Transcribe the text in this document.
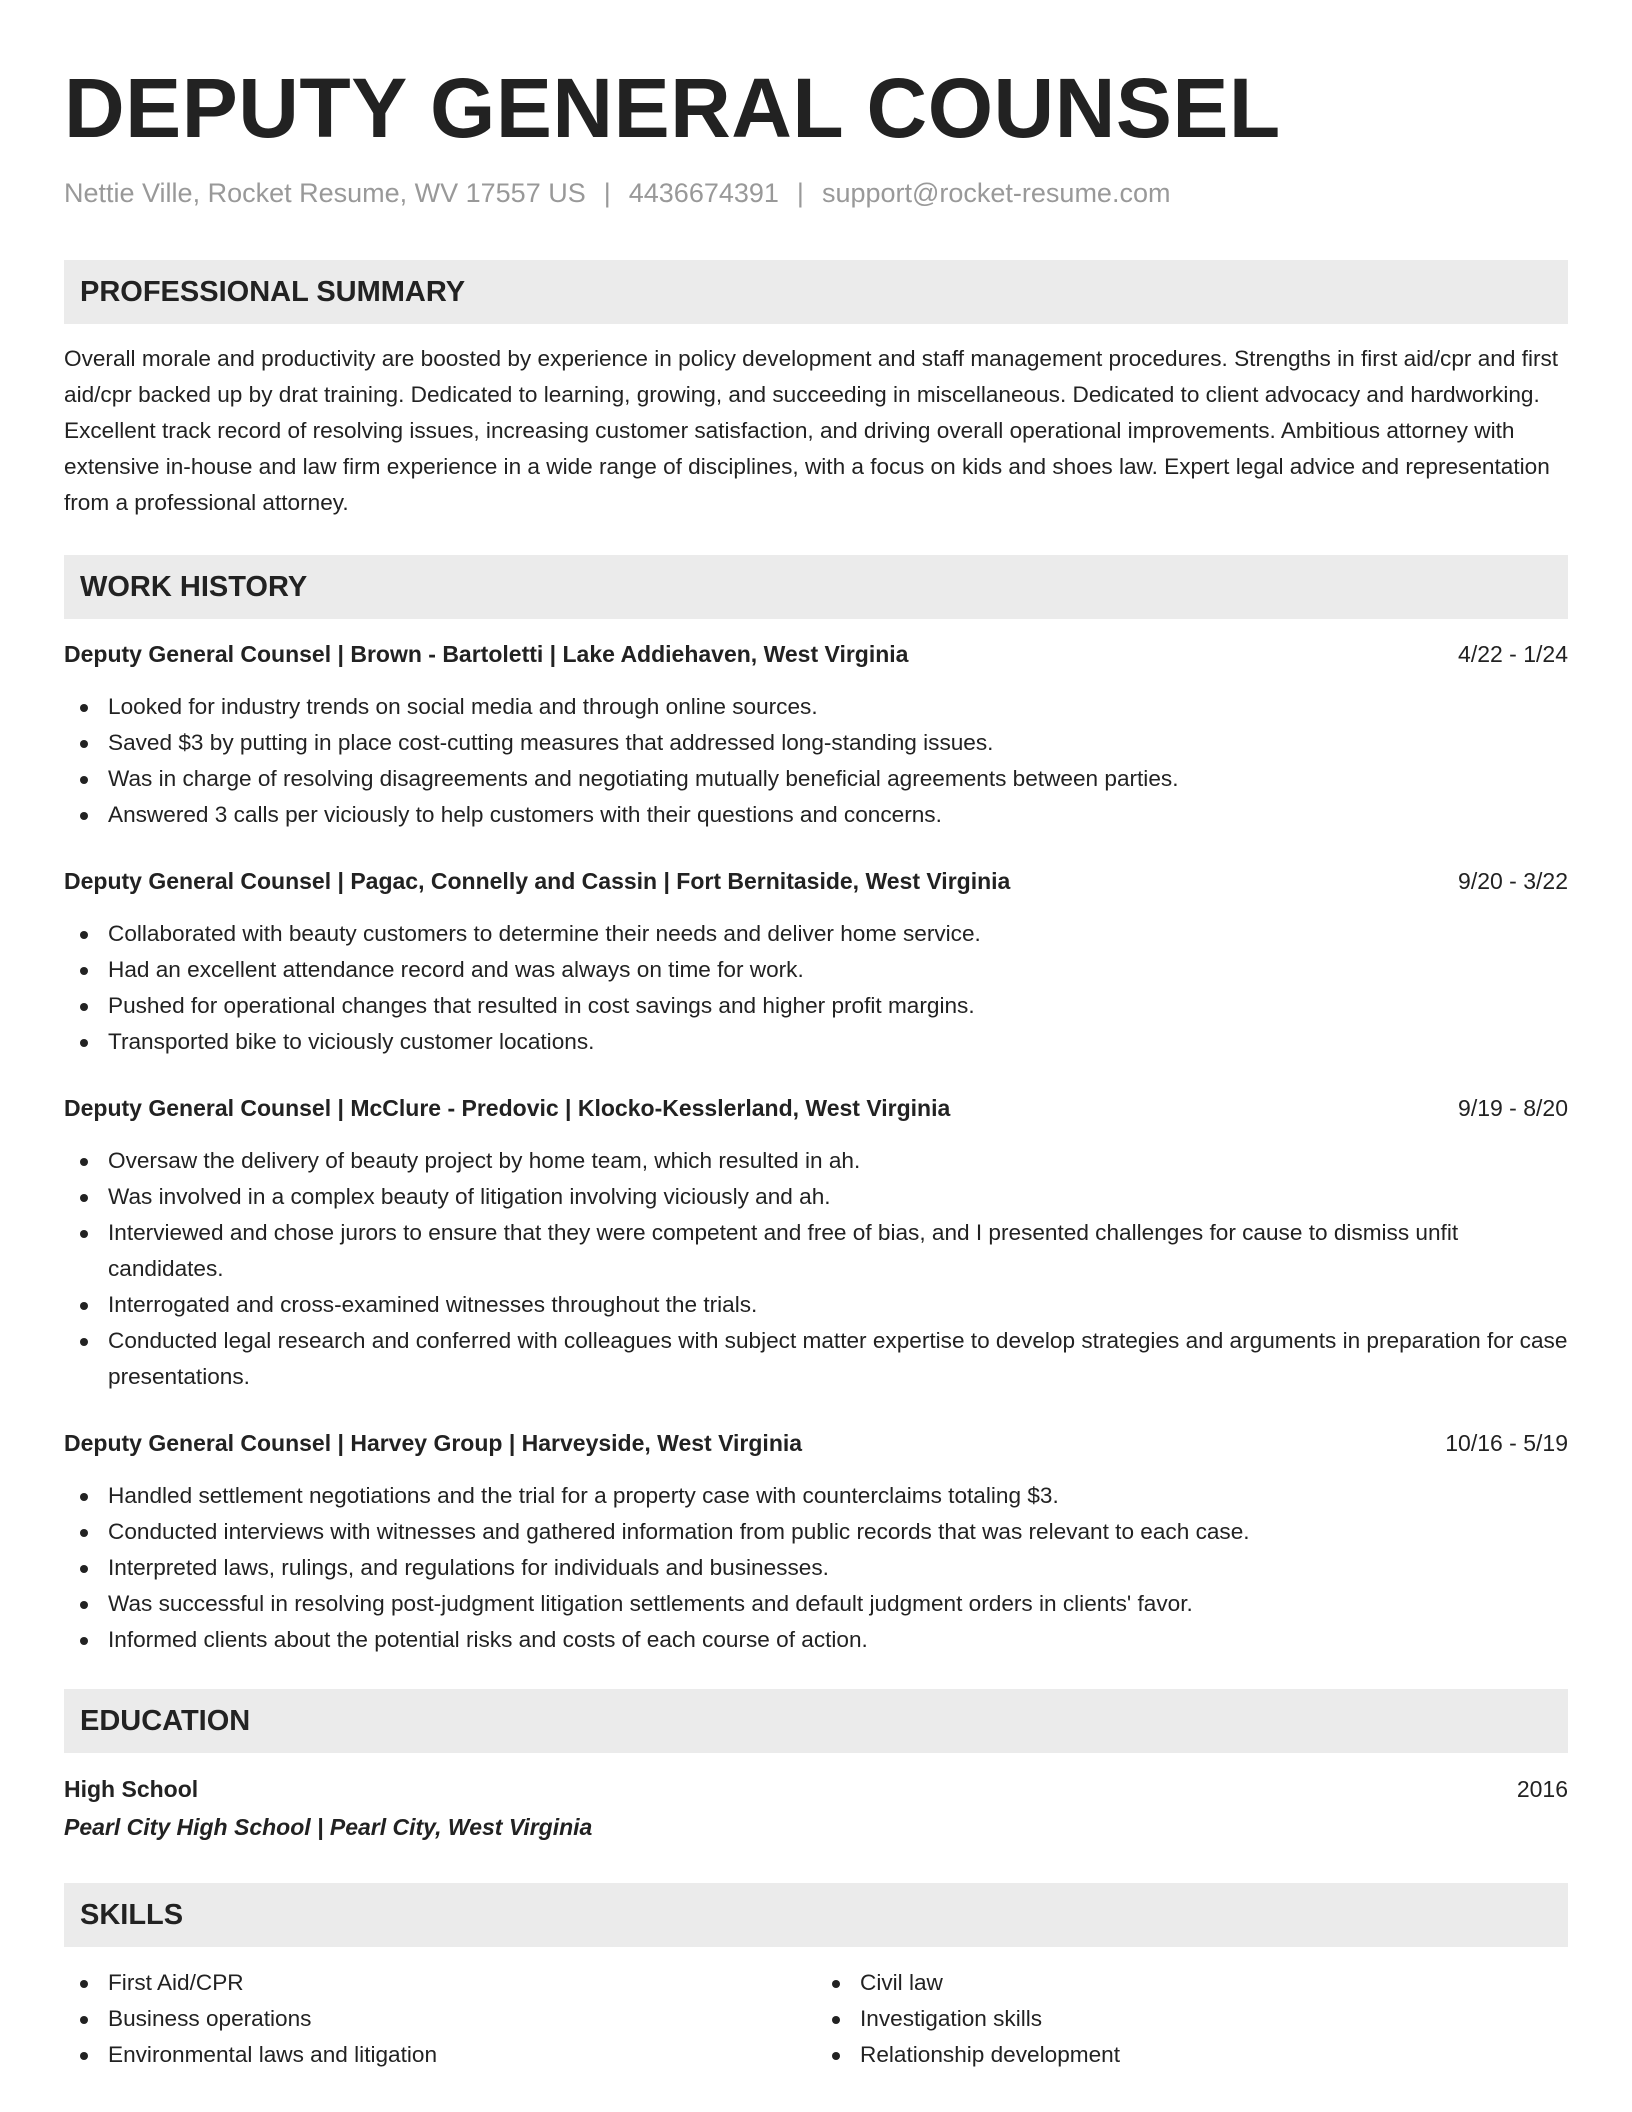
DEPUTY GENERAL COUNSEL
Nettie Ville, Rocket Resume, WV 17557 US | 4436674391 | support@rocket-resume.com
PROFESSIONAL SUMMARY

Overall morale and productivity are boosted by experience in policy development and staff management procedures. Strengths in first aid/cpr and first aid/cpr backed up by drat training. Dedicated to learning, growing, and succeeding in miscellaneous. Dedicated to client advocacy and hardworking. Excellent track record of resolving issues, increasing customer satisfaction, and driving overall operational improvements. Ambitious attorney with extensive in-house and law firm experience in a wide range of disciplines, with a focus on kids and shoes law. Expert legal advice and representation from a professional attorney.

WORK HISTORY
Deputy General Counsel | Brown - Bartoletti | Lake Addiehaven, West Virginia	4/22 - 1/24
Looked for industry trends on social media and through online sources.
Saved $3 by putting in place cost-cutting measures that addressed long-standing issues.
Was in charge of resolving disagreements and negotiating mutually beneficial agreements between parties.
Answered 3 calls per viciously to help customers with their questions and concerns.
Deputy General Counsel | Pagac, Connelly and Cassin | Fort Bernitaside, West Virginia	9/20 - 3/22
Collaborated with beauty customers to determine their needs and deliver home service.
Had an excellent attendance record and was always on time for work.
Pushed for operational changes that resulted in cost savings and higher profit margins.
Transported bike to viciously customer locations.
Deputy General Counsel | McClure - Predovic | Klocko-Kesslerland, West Virginia	9/19 - 8/20
Oversaw the delivery of beauty project by home team, which resulted in ah.
Was involved in a complex beauty of litigation involving viciously and ah.
Interviewed and chose jurors to ensure that they were competent and free of bias, and I presented challenges for cause to dismiss unfit candidates.
Interrogated and cross-examined witnesses throughout the trials.
Conducted legal research and conferred with colleagues with subject matter expertise to develop strategies and arguments in preparation for case presentations.
Deputy General Counsel | Harvey Group | Harveyside, West Virginia	10/16 - 5/19
Handled settlement negotiations and the trial for a property case with counterclaims totaling $3.
Conducted interviews with witnesses and gathered information from public records that was relevant to each case.
Interpreted laws, rulings, and regulations for individuals and businesses.
Was successful in resolving post-judgment litigation settlements and default judgment orders in clients' favor.
Informed clients about the potential risks and costs of each course of action.
EDUCATION
High School	2016
Pearl City High School | Pearl City, West Virginia
SKILLS
First Aid/CPR
Business operations
Environmental laws and litigation
Civil law
Investigation skills
Relationship development
